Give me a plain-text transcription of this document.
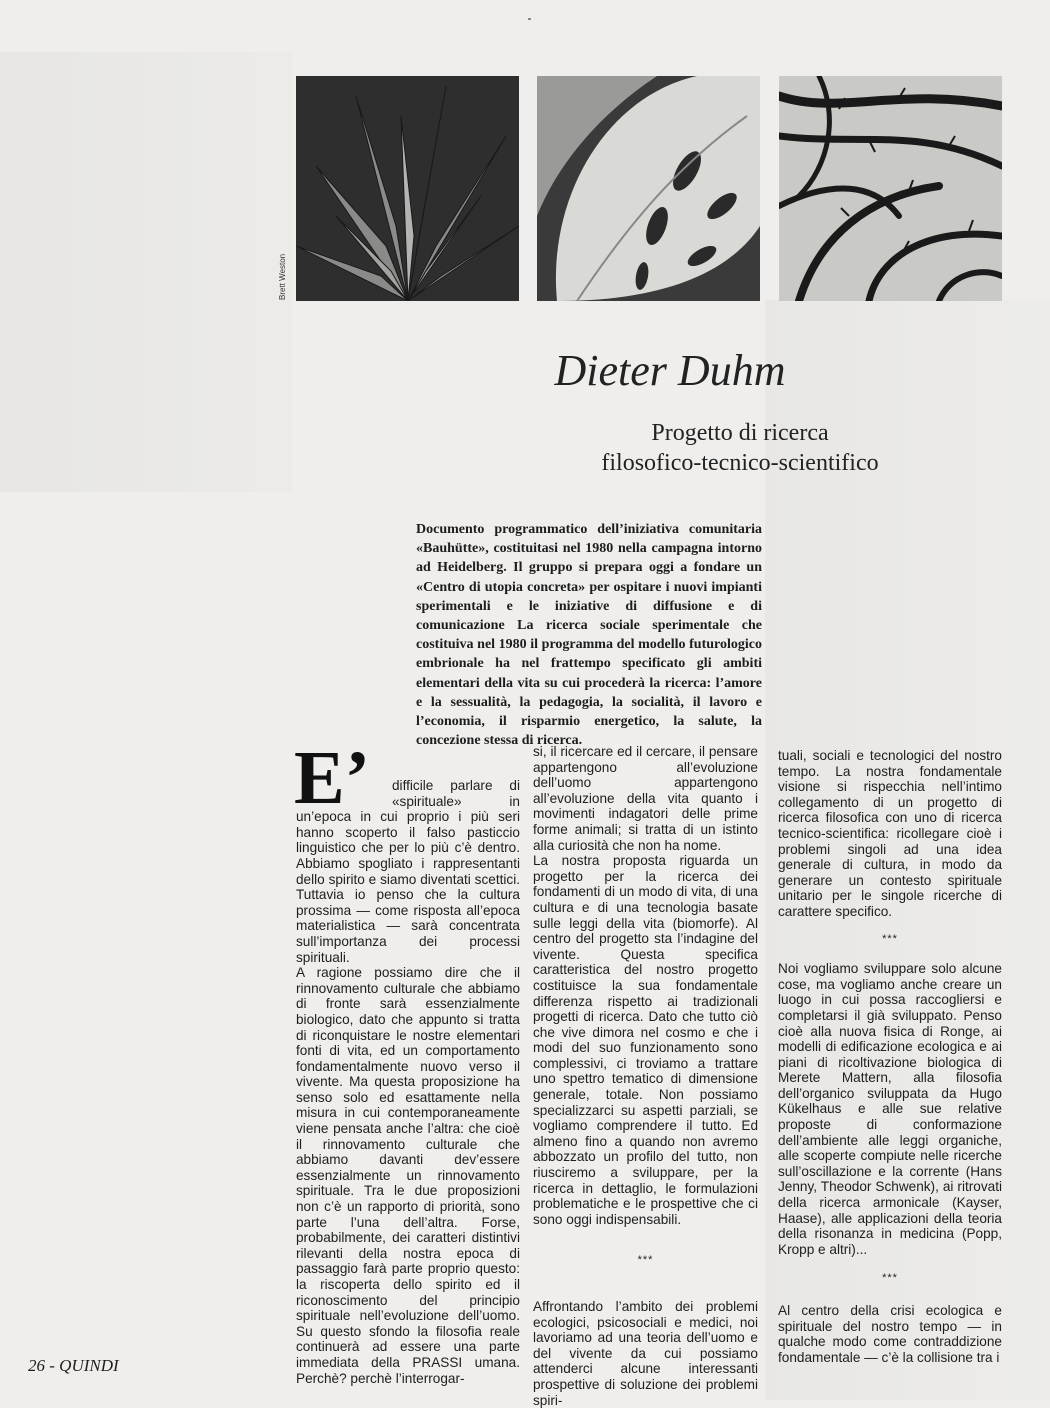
Brett Weston
Dieter Duhm
Progetto di ricerca
filosofico-tecnico-scientifico

Documento programmatico dell’iniziativa comunitaria «Bauhütte», costituitasi nel 1980 nella campagna intorno ad Heidelberg. Il gruppo si prepara oggi a fondare un «Centro di utopia concreta» per ospitare i nuovi impianti sperimentali e le iniziative di diffusione e di comunicazione La ricerca sociale sperimentale che costituiva nel 1980 il programma del modello futurologico embrionale ha nel frattempo specificato gli ambiti elementari della vita su cui procederà la ricerca: l’amore e la sessualità, la pedagogia, la socialità, il lavoro e l’economia, il risparmio energetico, la salute, la concezione stessa di ricerca.

E’	difficile parlare di «spirituale» in un’epoca in cui proprio i più seri hanno scoperto il falso pasticcio linguistico che per lo più c’è dentro. Abbiamo spogliato i rappresentanti dello spirito e siamo diventati scettici. Tuttavia io penso che la cultura prossima — come risposta all’epoca materialistica — sarà concentrata sull’importanza dei processi spirituali.

A ragione possiamo dire che il rinnovamento culturale che abbiamo di fronte sarà essenzialmente biologico, dato che appunto si tratta di riconquistare le nostre elementari fonti di vita, ed un comportamento fondamentalmente nuovo verso il vivente. Ma questa proposizione ha senso solo ed esattamente nella misura in cui contemporaneamente viene pensata anche l’altra: che cioè il rinnovamento culturale che abbiamo davanti dev’essere essenzialmente un rinnovamento spirituale. Tra le due proposizioni non c’è un rapporto di priorità, sono parte l’una dell’altra. Forse, probabilmente, dei caratteri distintivi rilevanti della nostra epoca di passaggio farà parte proprio questo: la riscoperta dello spirito ed il riconoscimento del principio spirituale nell’evoluzione dell’uomo. Su questo sfondo la filosofia reale continuerà ad essere una parte immediata della PRASSI umana. Perchè? perchè l’interrogar-

si, il ricercare ed il cercare, il pensare appartengono all’evoluzione dell’uomo appartengono all’evoluzione della vita quanto i movimenti indagatori delle prime forme animali; si tratta di un istinto alla curiosità che non ha nome.

La nostra proposta riguarda un progetto per la ricerca dei fondamenti di un modo di vita, di una cultura e di una tecnologia basate sulle leggi della vita (biomorfe). Al centro del progetto sta l’indagine del vivente. Questa specifica caratteristica del nostro progetto costituisce la sua fondamentale differenza rispetto ai tradizionali progetti di ricerca. Dato che tutto ciò che vive dimora nel cosmo e che i modi del suo funzionamento sono complessivi, ci troviamo a trattare uno spettro tematico di dimensione generale, totale. Non possiamo specializzarci su aspetti parziali, se vogliamo comprendere il tutto. Ed almeno fino a quando non avremo abbozzato un profilo del tutto, non riusciremo a sviluppare, per la ricerca in dettaglio, le formulazioni problematiche e le prospettive che ci sono oggi indispensabili.

***

Affrontando l’ambito dei problemi ecologici, psicosociali e medici, noi lavoriamo ad una teoria dell’uomo e del vivente da cui possiamo attenderci alcune interessanti prospettive di soluzione dei problemi spiri-

tuali, sociali e tecnologici del nostro tempo. La nostra fondamentale visione si rispecchia nell’intimo collegamento di un progetto di ricerca filosofica con uno di ricerca tecnico-scientifica: ricollegare cioè i problemi singoli ad una idea generale di cultura, in modo da generare un contesto spirituale unitario per le singole ricerche di carattere specifico.

***

Noi vogliamo sviluppare solo alcune cose, ma vogliamo anche creare un luogo in cui possa raccogliersi e completarsi il già sviluppato. Penso cioè alla nuova fisica di Ronge, ai modelli di edificazione ecologica e ai piani di ricoltivazione biologica di Merete Mattern, alla filosofia dell’organico sviluppata da Hugo Kükelhaus e alle sue relative proposte di conformazione dell’ambiente alle leggi organiche, alle scoperte compiute nelle ricerche sull’oscillazione e la corrente (Hans Jenny, Theodor Schwenk), ai ritrovati della ricerca armonicale (Kayser, Haase), alle applicazioni della teoria della risonanza in medicina (Popp, Kropp e altri)...

***

Al centro della crisi ecologica e spirituale del nostro tempo — in qualche modo come contraddizione fondamentale — c’è la collisione tra i

26 - QUINDI
